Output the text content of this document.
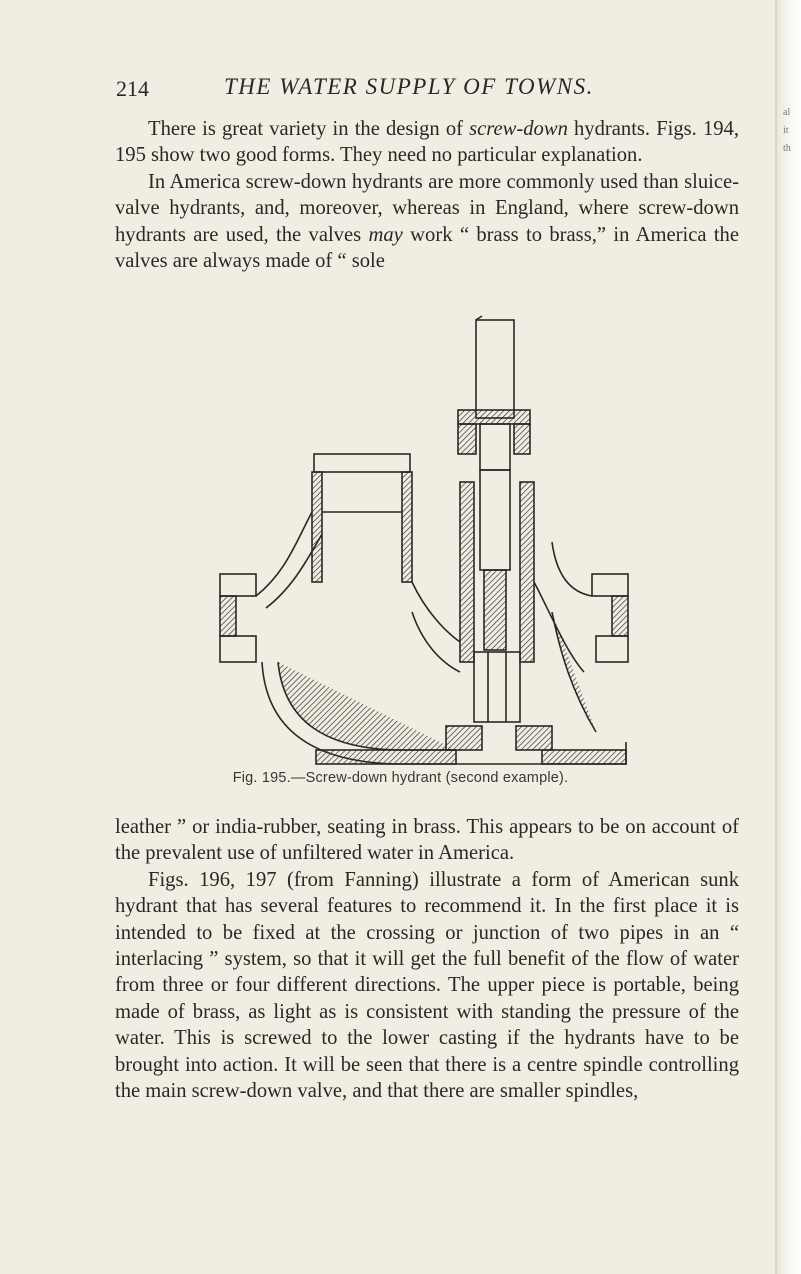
al
it
th
214	THE WATER SUPPLY OF TOWNS.

There is great variety in the design of screw-down hydrants. Figs. 194, 195 show two good forms. They need no particular explanation.

In America screw-down hydrants are more commonly used than sluice-valve hydrants, and, moreover, whereas in England, where screw-down hydrants are used, the valves may work “ brass to brass,” in America the valves are always made of “ sole

Fig. 195.—Screw-down hydrant (second example).

leather ” or india-rubber, seating in brass. This appears to be on account of the prevalent use of unfiltered water in America.

Figs. 196, 197 (from Fanning) illustrate a form of American sunk hydrant that has several features to recommend it. In the first place it is intended to be fixed at the crossing or junction of two pipes in an “ interlacing ” system, so that it will get the full benefit of the flow of water from three or four different directions. The upper piece is portable, being made of brass, as light as is consistent with standing the pressure of the water. This is screwed to the lower casting if the hydrants have to be brought into action. It will be seen that there is a centre spindle controlling the main screw-down valve, and that there are smaller spindles,
